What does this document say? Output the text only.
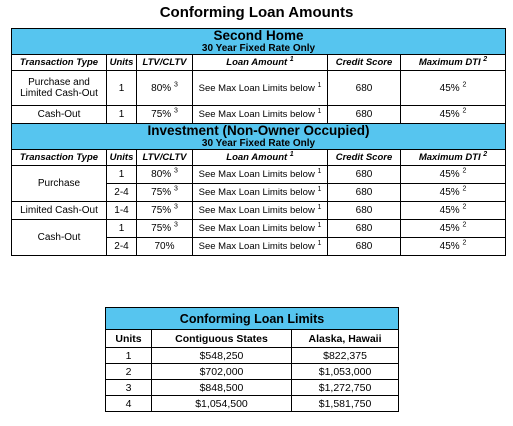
Conforming Loan Amounts
Second Home
30 Year Fixed Rate Only					

Transaction Type	Units	LTV/CLTV	Loan Amount $^1$	Credit Score	Maximum DTI $^2$
Purchase and Limited Cash-Out	1	80% $^3$	See Max Loan Limits below $^1$	680	45% $^2$
Cash-Out	1	75% $^3$	See Max Loan Limits below $^1$	680	45% $^2$

Investment (Non-Owner Occupied)
30 Year Fixed Rate Only					

Transaction Type	Units	LTV/CLTV	Loan Amount $^1$	Credit Score	Maximum DTI $^2$
Purchase	1	80% $^3$	See Max Loan Limits below $^1$	680	45% $^2$
	2-4	75% $^3$	See Max Loan Limits below $^1$	680	45% $^2$
Limited Cash-Out	1-4	75% $^3$	See Max Loan Limits below $^1$	680	45% $^2$
Cash-Out	1	75% $^3$	See Max Loan Limits below $^1$	680	45% $^2$
	2-4	70%	See Max Loan Limits below $^1$	680	45% $^2$
Conforming Loan Limits		
Units	Contiguous States	Alaska, Hawaii
1	$548,250	$822,375
2	$702,000	$1,053,000
3	$848,500	$1,272,750
4	$1,054,500	$1,581,750
